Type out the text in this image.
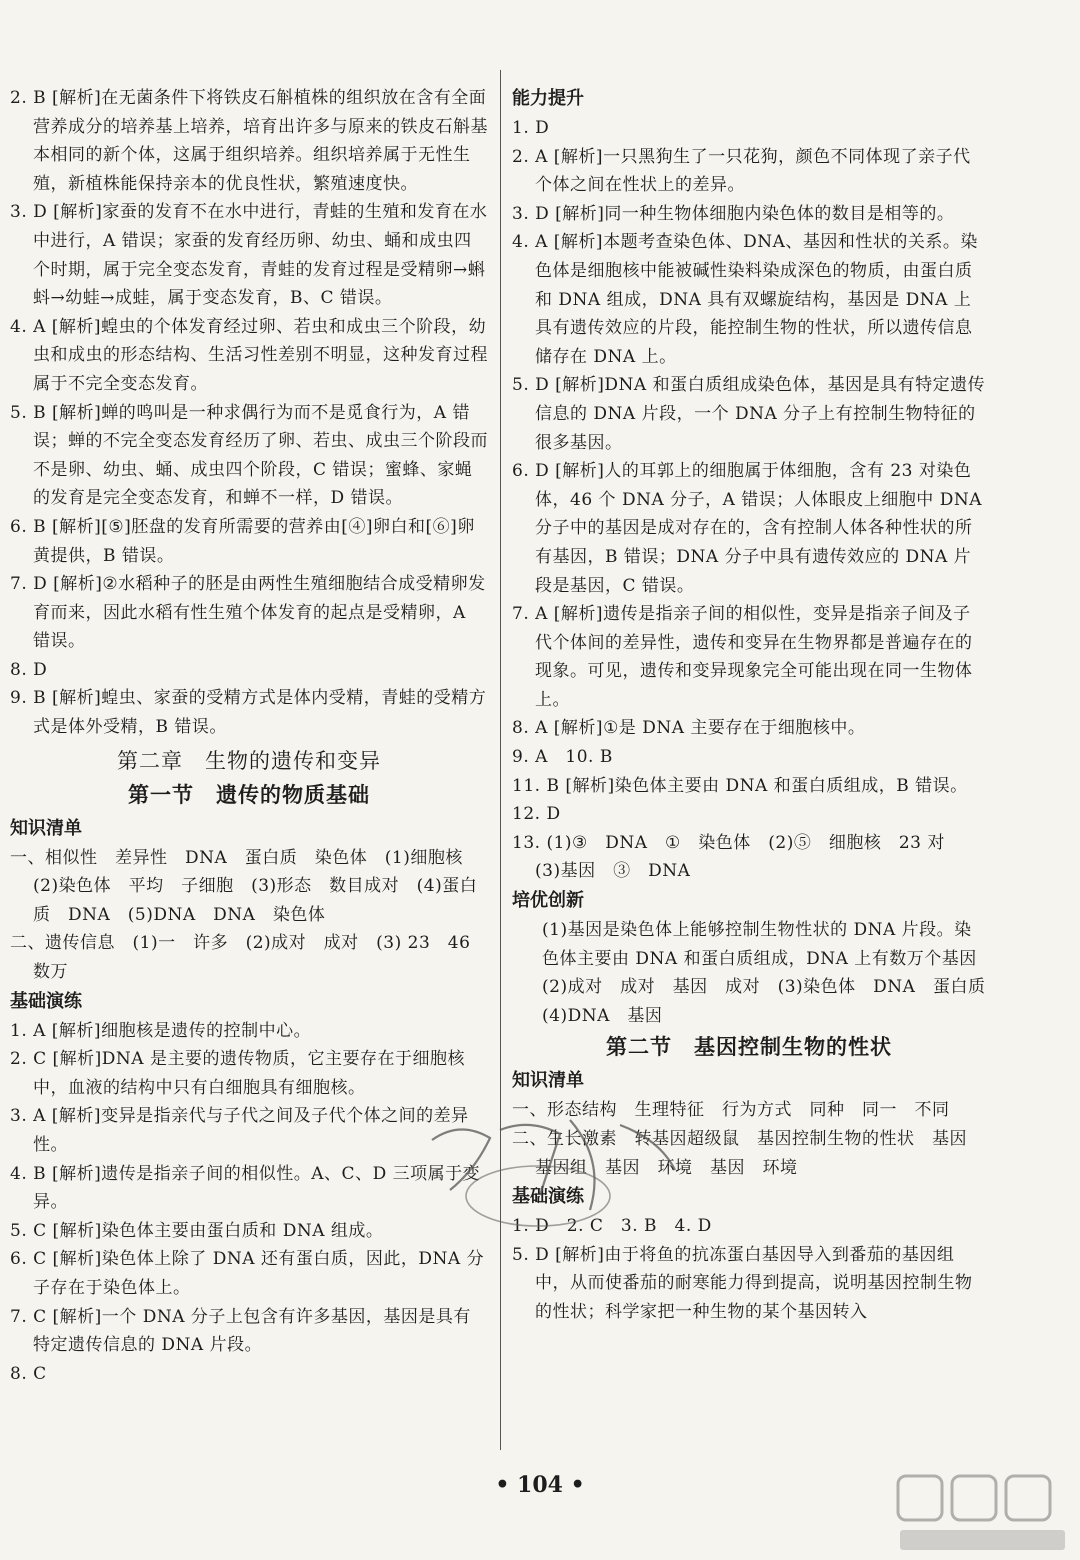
2. B [解析]在无菌条件下将铁皮石斛植株的组织放在含有全面营养成分的培养基上培养，培育出许多与原来的铁皮石斛基本相同的新个体，这属于组织培养。组织培养属于无性生殖，新植株能保持亲本的优良性状，繁殖速度快。

3. D [解析]家蚕的发育不在水中进行，青蛙的生殖和发育在水中进行，A 错误；家蚕的发育经历卵、幼虫、蛹和成虫四个时期，属于完全变态发育，青蛙的发育过程是受精卵→蝌蚪→幼蛙→成蛙，属于变态发育，B、C 错误。

4. A [解析]蝗虫的个体发育经过卵、若虫和成虫三个阶段，幼虫和成虫的形态结构、生活习性差别不明显，这种发育过程属于不完全变态发育。

5. B [解析]蝉的鸣叫是一种求偶行为而不是觅食行为，A 错误；蝉的不完全变态发育经历了卵、若虫、成虫三个阶段而不是卵、幼虫、蛹、成虫四个阶段，C 错误；蜜蜂、家蝇的发育是完全变态发育，和蝉不一样，D 错误。

6. B [解析][⑤]胚盘的发育所需要的营养由[④]卵白和[⑥]卵黄提供，B 错误。

7. D [解析]②水稻种子的胚是由两性生殖细胞结合成受精卵发育而来，因此水稻有性生殖个体发育的起点是受精卵，A 错误。

8. D

9. B [解析]蝗虫、家蚕的受精方式是体内受精，青蛙的受精方式是体外受精，B 错误。

第二章　生物的遗传和变异

第一节　遗传的物质基础

知识清单

一、相似性　差异性　DNA　蛋白质　染色体　(1)细胞核　(2)染色体　平均　子细胞　(3)形态　数目成对　(4)蛋白质　DNA　(5)DNA　DNA　染色体

二、遗传信息　(1)一　许多　(2)成对　成对　(3) 23　46　数万

基础演练

1. A [解析]细胞核是遗传的控制中心。

2. C [解析]DNA 是主要的遗传物质，它主要存在于细胞核中，血液的结构中只有白细胞具有细胞核。

3. A [解析]变异是指亲代与子代之间及子代个体之间的差异性。

4. B [解析]遗传是指亲子间的相似性。A、C、D 三项属于变异。

5. C [解析]染色体主要由蛋白质和 DNA 组成。

6. C [解析]染色体上除了 DNA 还有蛋白质，因此，DNA 分子存在于染色体上。

7. C [解析]一个 DNA 分子上包含有许多基因，基因是具有特定遗传信息的 DNA 片段。

8. C

能力提升

1. D

2. A [解析]一只黑狗生了一只花狗，颜色不同体现了亲子代个体之间在性状上的差异。

3. D [解析]同一种生物体细胞内染色体的数目是相等的。

4. A [解析]本题考查染色体、DNA、基因和性状的关系。染色体是细胞核中能被碱性染料染成深色的物质，由蛋白质和 DNA 组成，DNA 具有双螺旋结构，基因是 DNA 上具有遗传效应的片段，能控制生物的性状，所以遗传信息储存在 DNA 上。

5. D [解析]DNA 和蛋白质组成染色体，基因是具有特定遗传信息的 DNA 片段，一个 DNA 分子上有控制生物特征的很多基因。

6. D [解析]人的耳郭上的细胞属于体细胞，含有 23 对染色体，46 个 DNA 分子，A 错误；人体眼皮上细胞中 DNA 分子中的基因是成对存在的，含有控制人体各种性状的所有基因，B 错误；DNA 分子中具有遗传效应的 DNA 片段是基因，C 错误。

7. A [解析]遗传是指亲子间的相似性，变异是指亲子间及子代个体间的差异性，遗传和变异在生物界都是普遍存在的现象。可见，遗传和变异现象完全可能出现在同一生物体上。

8. A [解析]①是 DNA 主要存在于细胞核中。

9. A　10. B

11. B [解析]染色体主要由 DNA 和蛋白质组成，B 错误。

12. D

13. (1)③　DNA　①　染色体　(2)⑤　细胞核　23 对　(3)基因　③　DNA

培优创新

(1)基因是染色体上能够控制生物性状的 DNA 片段。染色体主要由 DNA 和蛋白质组成，DNA 上有数万个基因　(2)成对　成对　基因　成对　(3)染色体　DNA　蛋白质　(4)DNA　基因

第二节　基因控制生物的性状

知识清单

一、形态结构　生理特征　行为方式　同种　同一　不同

二、生长激素　转基因超级鼠　基因控制生物的性状　基因　基因组　基因　环境　基因　环境

基础演练

1. D　2. C　3. B　4. D

5. D [解析]由于将鱼的抗冻蛋白基因导入到番茄的基因组中，从而使番茄的耐寒能力得到提高，说明基因控制生物的性状；科学家把一种生物的某个基因转入

• 104 •
